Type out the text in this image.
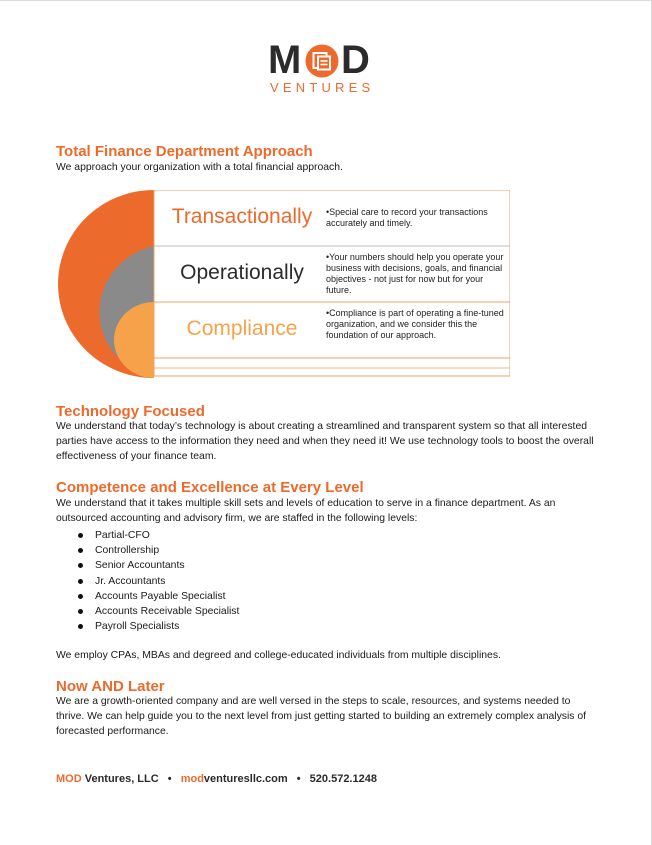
M D
VENTURES
Total Finance Department Approach

We approach your organization with a total financial approach.

Transactionally	•Special care to record your transactions accurately and timely.
Operationally
•Your numbers should help you operate your business with decisions, goals, and financial objectives - not just for now but for your future.
Compliance
•Compliance is part of operating a fine-tuned organization, and we consider this the foundation of our approach.
Technology Focused

We understand that today’s technology is about creating a streamlined and transparent system so that all interested parties have access to the information they need and when they need it! We use technology tools to boost the overall effectiveness of your finance team.

Competence and Excellence at Every Level

We understand that it takes multiple skill sets and levels of education to serve in a finance department. As an outsourced accounting and advisory firm, we are staffed in the following levels:

Partial-CFO
Controllership
Senior Accountants
Jr. Accountants
Accounts Payable Specialist
Accounts Receivable Specialist
Payroll Specialists

We employ CPAs, MBAs and degreed and college-educated individuals from multiple disciplines.

Now AND Later

We are a growth-oriented company and are well versed in the steps to scale, resources, and systems needed to thrive. We can help guide you to the next level from just getting started to building an extremely complex analysis of forecasted performance.

MOD Ventures, LLC • modventuresllc.com • 520.572.1248
